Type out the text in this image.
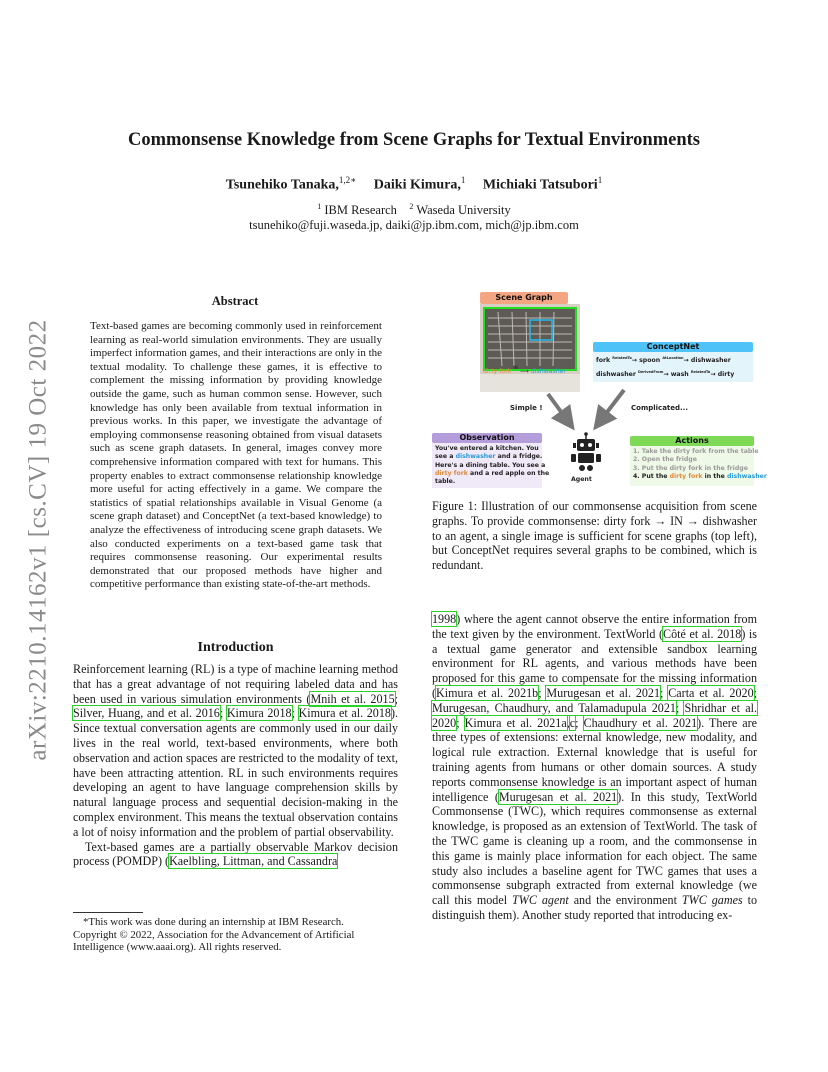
arXiv:2210.14162v1 [cs.CV] 19 Oct 2022
Commonsense Knowledge from Scene Graphs for Textual Environments
Tsunehiko Tanaka,$^{1,2∗}$ Daiki Kimura,$^1$ Michiaki Tatsubori$^1$
$^1$ IBM Research $^2$ Waseda University
tsunehiko@fuji.waseda.jp, daiki@jp.ibm.com, mich@jp.ibm.com
Abstract

Text-based games are becoming commonly used in reinforcement learning as real-world simulation environments. They are usually imperfect information games, and their interactions are only in the textual modality. To challenge these games, it is effective to complement the missing information by providing knowledge outside the game, such as human common sense. However, such knowledge has only been available from textual information in previous works. In this paper, we investigate the advantage of employing commonsense reasoning obtained from visual datasets such as scene graph datasets. In general, images convey more comprehensive information compared with text for humans. This property enables to extract commonsense relationship knowledge more useful for acting effectively in a game. We compare the statistics of spatial relationships available in Visual Genome (a scene graph dataset) and ConceptNet (a text-based knowledge) to analyze the effectiveness of introducing scene graph datasets. We also conducted experiments on a text-based game task that requires commonsense reasoning. Our experimental results demonstrated that our proposed methods have higher and competitive performance than existing state-of-the-art methods.

Introduction

Reinforcement learning (RL) is a type of machine learning method that has a great advantage of not requiring labeled data and has been used in various simulation environments (Mnih et al. 2015; Silver, Huang, and et al. 2016; Kimura 2018; Kimura et al. 2018). Since textual conversation agents are commonly used in our daily lives in the real world, text-based environments, where both observation and action spaces are restricted to the modality of text, have been attracting attention. RL in such environments requires developing an agent to have language comprehension skills by natural language process and sequential decision-making in the complex environment. This means the textual observation contains a lot of noisy information and the problem of partial observability.

Text-based games are a partially observable Markov decision process (POMDP) (Kaelbling, Littman, and Cassandra

*This work was done during an internship at IBM Research.
Copyright © 2022, Association for the Advancement of Artificial Intelligence (www.aaai.org). All rights reserved.
Scene Graph
dirty fork $^{IN}$ ⟶ dishwasher
ConceptNet
fork $^{RelatedTo}$→ spoon $^{AtLocation}$→ dishwasher
dishwasher $^{DerivedFrom}$→ wash $^{RelatedTo}$→ dirty
Simple !	Complicated...
Observation
You've entered a kitchen. You
see a dishwasher and a fridge.
Here's a dining table. You see a
dirty fork and a red apple on the
table.	Agent
Actions
1. Take the dirty fork from the table
2. Open the fridge
3. Put the dirty fork in the fridge
4. Put the dirty fork in the dishwasher

Figure 1: Illustration of our commonsense acquisition from scene graphs. To provide commonsense: dirty fork → IN → dishwasher to an agent, a single image is sufficient for scene graphs (top left), but ConceptNet requires several graphs to be combined, which is redundant.

1998) where the agent cannot observe the entire information from the text given by the environment. TextWorld (Côté et al. 2018) is a textual game generator and extensible sandbox learning environment for RL agents, and various methods have been proposed for this game to compensate for the missing information (Kimura et al. 2021b; Murugesan et al. 2021; Carta et al. 2020; Murugesan, Chaudhury, and Talamadupula 2021; Shridhar et al. 2020; Kimura et al. 2021a,c; Chaudhury et al. 2021). There are three types of extensions: external knowledge, new modality, and logical rule extraction. External knowledge that is useful for training agents from humans or other domain sources. A study reports commonsense knowledge is an important aspect of human intelligence (Murugesan et al. 2021). In this study, TextWorld Commonsense (TWC), which requires commonsense as external knowledge, is proposed as an extension of TextWorld. The task of the TWC game is cleaning up a room, and the commonsense in this game is mainly place information for each object. The same study also includes a baseline agent for TWC games that uses a commonsense subgraph extracted from external knowledge (we call this model TWC agent and the environment TWC games to distinguish them). Another study reported that introducing ex-
